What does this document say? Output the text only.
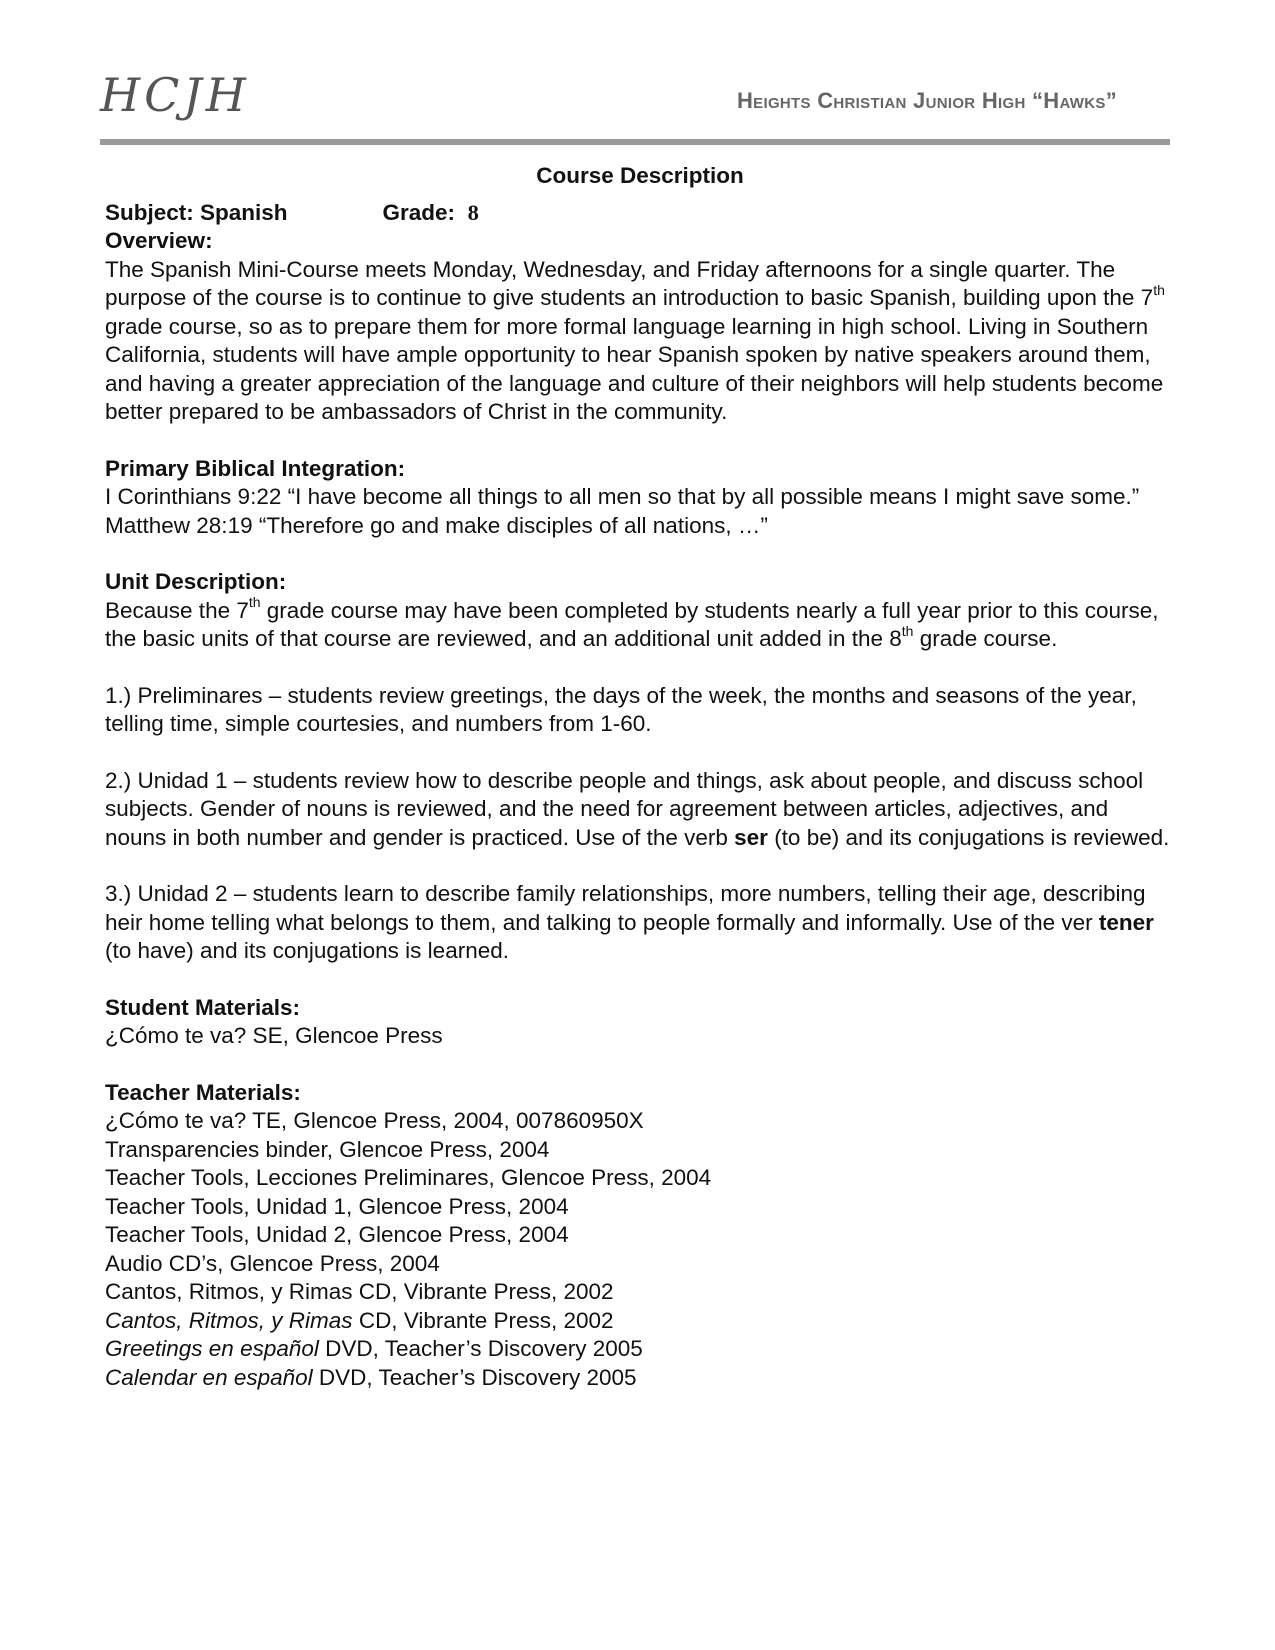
HCJH	Heights Christian Junior High “Hawks”
Course Description
Subject: Spanish	Grade: 8
Overview:

The Spanish Mini-Course meets Monday, Wednesday, and Friday afternoons for a single quarter. The purpose of the course is to continue to give students an introduction to basic Spanish, building upon the 7th grade course, so as to prepare them for more formal language learning in high school. Living in Southern California, students will have ample opportunity to hear Spanish spoken by native speakers around them, and having a greater appreciation of the language and culture of their neighbors will help students become better prepared to be ambassadors of Christ in the community.

Primary Biblical Integration:

I Corinthians 9:22 “I have become all things to all men so that by all possible means I might save some.”

Matthew 28:19 “Therefore go and make disciples of all nations, …”

Unit Description:

Because the 7th grade course may have been completed by students nearly a full year prior to this course, the basic units of that course are reviewed, and an additional unit added in the 8th grade course.

1.) Preliminares – students review greetings, the days of the week, the months and seasons of the year, telling time, simple courtesies, and numbers from 1-60.

2.) Unidad 1 – students review how to describe people and things, ask about people, and discuss school subjects. Gender of nouns is reviewed, and the need for agreement between articles, adjectives, and nouns in both number and gender is practiced. Use of the verb ser (to be) and its conjugations is reviewed.

3.) Unidad 2 – students learn to describe family relationships, more numbers, telling their age, describing heir home telling what belongs to them, and talking to people formally and informally. Use of the ver tener (to have) and its conjugations is learned.

Student Materials:

¿Cómo te va? SE, Glencoe Press

Teacher Materials:

¿Cómo te va? TE, Glencoe Press, 2004, 007860950X

Transparencies binder, Glencoe Press, 2004

Teacher Tools, Lecciones Preliminares, Glencoe Press, 2004

Teacher Tools, Unidad 1, Glencoe Press, 2004

Teacher Tools, Unidad 2, Glencoe Press, 2004

Audio CD’s, Glencoe Press, 2004

Cantos, Ritmos, y Rimas CD, Vibrante Press, 2002

Cantos, Ritmos, y Rimas CD, Vibrante Press, 2002

Greetings en español DVD, Teacher’s Discovery 2005

Calendar en español DVD, Teacher’s Discovery 2005
